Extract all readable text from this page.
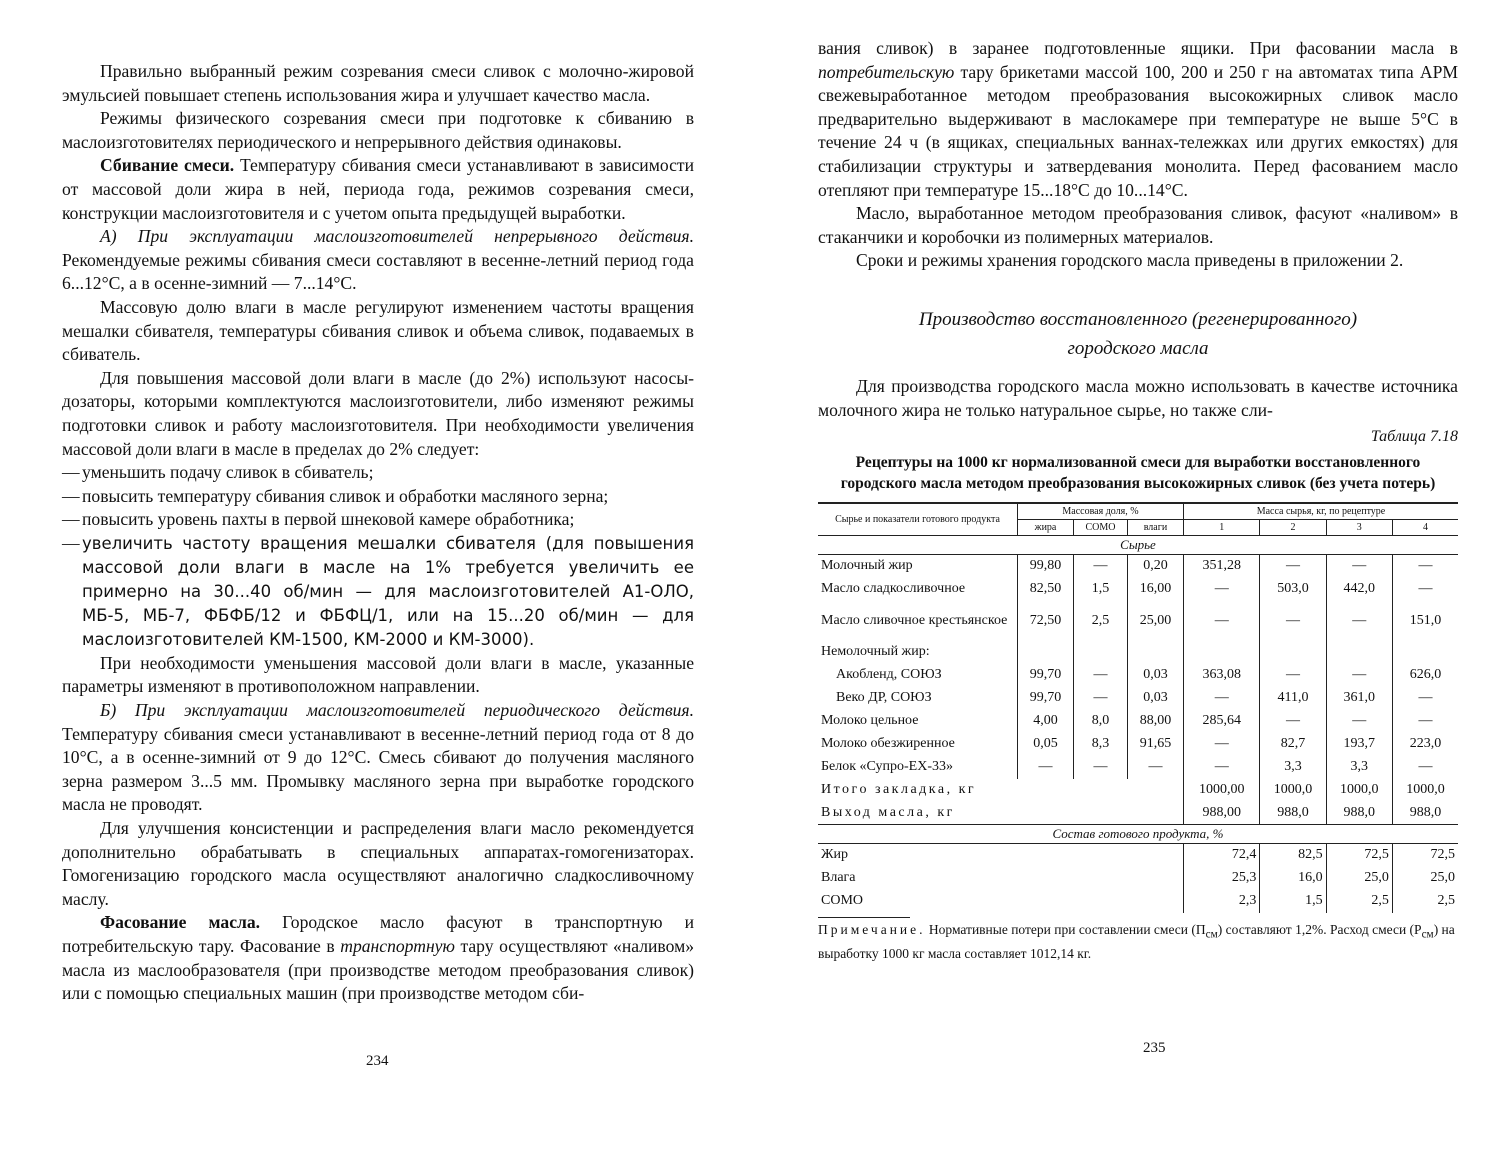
Правильно выбранный режим созревания смеси сливок с молочно-жировой эмульсией повышает степень использования жира и улучшает качество масла.

Режимы физического созревания смеси при подготовке к сбиванию в маслоизготовителях периодического и непрерывного действия одинаковы.

Сбивание смеси. Температуру сбивания смеси устанавливают в зависимости от массовой доли жира в ней, периода года, режимов созревания смеси, конструкции маслоизготовителя и с учетом опыта предыдущей выработки.

А) При эксплуатации маслоизготовителей непрерывного действия. Рекомендуемые режимы сбивания смеси составляют в весенне-летний период года 6...12°С, а в осенне-зимний — 7...14°С.

Массовую долю влаги в масле регулируют изменением частоты вращения мешалки сбивателя, температуры сбивания сливок и объема сливок, подаваемых в сбиватель.

Для повышения массовой доли влаги в масле (до 2%) используют насосы-дозаторы, которыми комплектуются маслоизготовители, либо изменяют режимы подготовки сливок и работу маслоизготовителя. При необходимости увеличения массовой доли влаги в масле в пределах до 2% следует:

— уменьшить подачу сливок в сбиватель;
— повысить температуру сбивания сливок и обработки масляного зерна;
— повысить уровень пахты в первой шнековой камере обработника;
— увеличить частоту вращения мешалки сбивателя (для повышения массовой доли влаги в масле на 1% требуется увеличить ее примерно на 30...40 об/мин — для маслоизготовителей А1-ОЛО, МБ-5, МБ-7, ФБФБ/12 и ФБФЦ/1, или на 15...20 об/мин — для маслоизготовителей КМ-1500, КМ-2000 и КМ-3000).

При необходимости уменьшения массовой доли влаги в масле, указанные параметры изменяют в противоположном направлении.

Б) При эксплуатации маслоизготовителей периодического действия. Температуру сбивания смеси устанавливают в весенне-летний период года от 8 до 10°С, а в осенне-зимний от 9 до 12°С. Смесь сбивают до получения масляного зерна размером 3...5 мм. Промывку масляного зерна при выработке городского масла не проводят.

Для улучшения консистенции и распределения влаги масло рекомендуется дополнительно обрабатывать в специальных аппаратах-гомогенизаторах. Гомогенизацию городского масла осуществляют аналогично сладкосливочному маслу.

Фасование масла. Городское масло фасуют в транспортную и потребительскую тару. Фасование в транспортную тару осуществляют «наливом» масла из маслообразователя (при производстве методом преобразования сливок) или с помощью специальных машин (при производстве методом сби-

234

вания сливок) в заранее подготовленные ящики. При фасовании масла в потребительскую тару брикетами массой 100, 200 и 250 г на автоматах типа АРМ свежевыработанное методом преобразования высокожирных сливок масло предварительно выдерживают в маслокамере при температуре не выше 5°С в течение 24 ч (в ящиках, специальных ваннах-тележках или других емкостях) для стабилизации структуры и затвердевания монолита. Перед фасованием масло отепляют при температуре 15...18°С до 10...14°С.

Масло, выработанное методом преобразования сливок, фасуют «наливом» в стаканчики и коробочки из полимерных материалов.

Сроки и режимы хранения городского масла приведены в приложении 2.

Производство восстановленного (регенерированного)
городского масла

Для производства городского масла можно использовать в качестве источника молочного жира не только натуральное сырье, но также сли-

Таблица 7.18
Рецептуры на 1000 кг нормализованной смеси для выработки восстановленного городского масла методом преобразования высокожирных сливок (без учета потерь)
Сырье и показатели готового продукта	Массовая доля, %			Масса сырья, кг, по рецептуре			
	жира	СОМО	влаги	1	2	3	4
Сырье							
Молочный жир	99,80	—	0,20	351,28	—	—	—
Масло сладкосливочное	82,50	1,5	16,00	—	503,0	442,0	—
Масло сливочное крестьянское	72,50	2,5	25,00	—	—	—	151,0
Немолочный жир:							
Акобленд, СОЮЗ	99,70	—	0,03	363,08	—	—	626,0
Веко ДР, СОЮЗ	99,70	—	0,03	—	411,0	361,0	—
Молоко цельное	4,00	8,0	88,00	285,64	—	—	—
Молоко обезжиренное	0,05	8,3	91,65	—	82,7	193,7	223,0
Белок «Супро-ЕХ-33»	—	—	—	—	3,3	3,3	—
Итого закладка, кг				1000,00	1000,0	1000,0	1000,0
Выход масла, кг				988,00	988,0	988,0	988,0
Состав готового продукта, %							
Жир				72,4	82,5	72,5	72,5
Влага				25,3	16,0	25,0	25,0
СОМО				2,3	1,5	2,5	2,5
Примечание. Нормативные потери при составлении смеси $(П_{см})$ составляют 1,2%. Расход смеси $(Р_{см})$ на выработку 1000 кг масла составляет 1012,14 кг.
235
